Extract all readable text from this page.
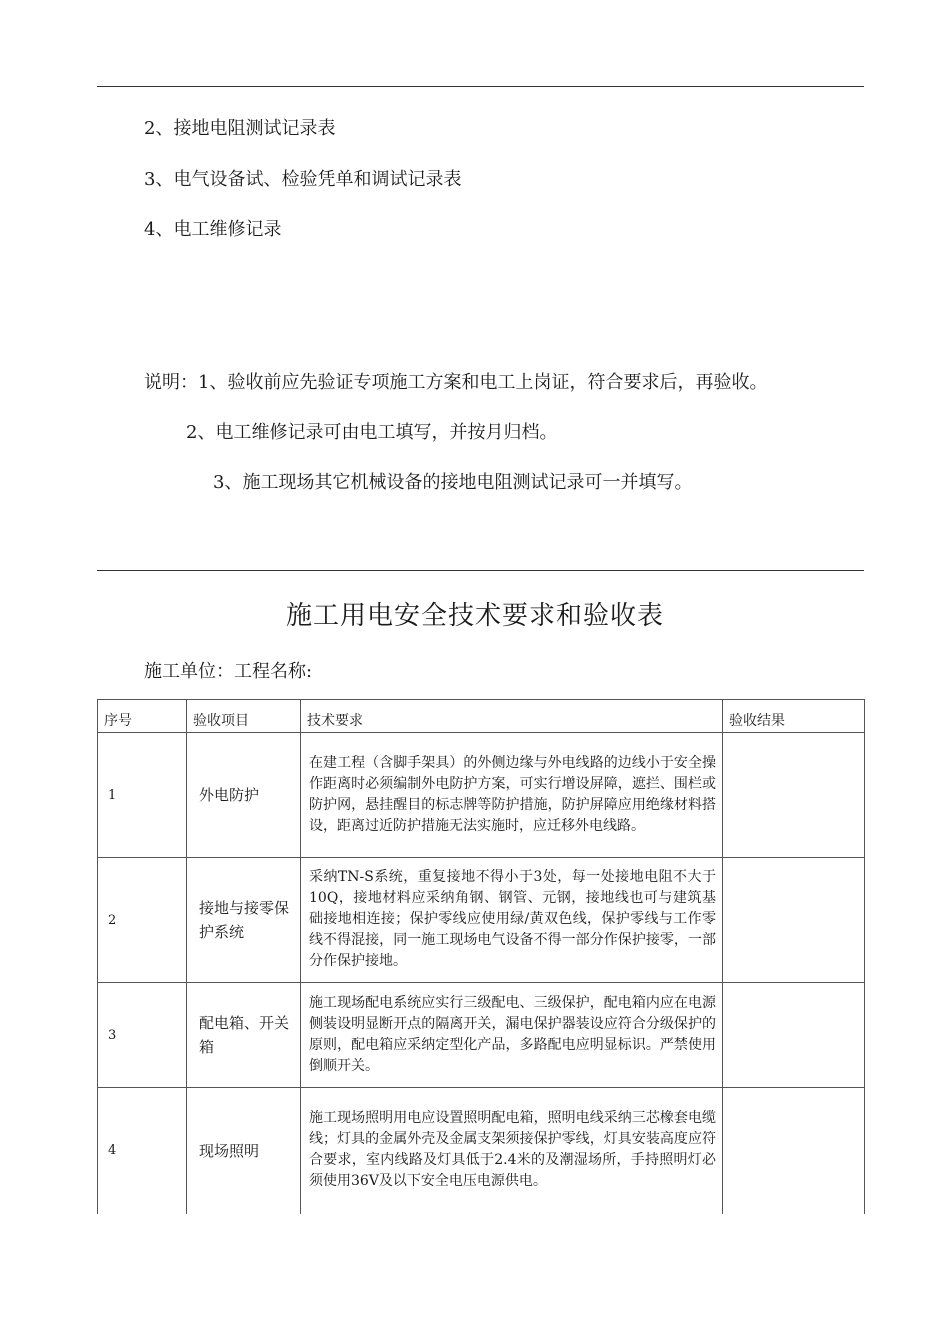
2、接地电阻测试记录表
3、电气设备试、检验凭单和调试记录表
4、电工维修记录
说明：1、验收前应先验证专项施工方案和电工上岗证，符合要求后，再验收。
2、电工维修记录可由电工填写，并按月归档。
3、施工现场其它机械设备的接地电阻测试记录可一并填写。
施工用电安全技术要求和验收表
施工单位：工程名称:
序号	验收项目	技术要求	验收结果
1	外电防护	在建工程（含脚手架具）的外侧边缘与外电线路的边线小于安全操作距离时必须编制外电防护方案，可实行增设屏障，遮拦、围栏或防护网，悬挂醒目的标志牌等防护措施，防护屏障应用绝缘材料搭设，距离过近防护措施无法实施时，应迁移外电线路。	
2	接地与接零保护系统	采纳TN-S系统，重复接地不得小于3处，每一处接地电阻不大于10Q，接地材料应采纳角钢、钢管、元钢，接地线也可与建筑基础接地相连接；保护零线应使用绿/黄双色线，保护零线与工作零线不得混接，同一施工现场电气设备不得一部分作保护接零，一部分作保护接地。	
3	配电箱、开关箱	施工现场配电系统应实行三级配电、三级保护，配电箱内应在电源侧装设明显断开点的隔离开关，漏电保护器装设应符合分级保护的原则，配电箱应采纳定型化产品，多路配电应明显标识。严禁使用倒顺开关。	
4	现场照明	施工现场照明用电应设置照明配电箱，照明电线采纳三芯橡套电缆线；灯具的金属外壳及金属支架须接保护零线，灯具安装高度应符合要求，室内线路及灯具低于2.4米的及潮湿场所，手持照明灯必须使用36V及以下安全电压电源供电。	
